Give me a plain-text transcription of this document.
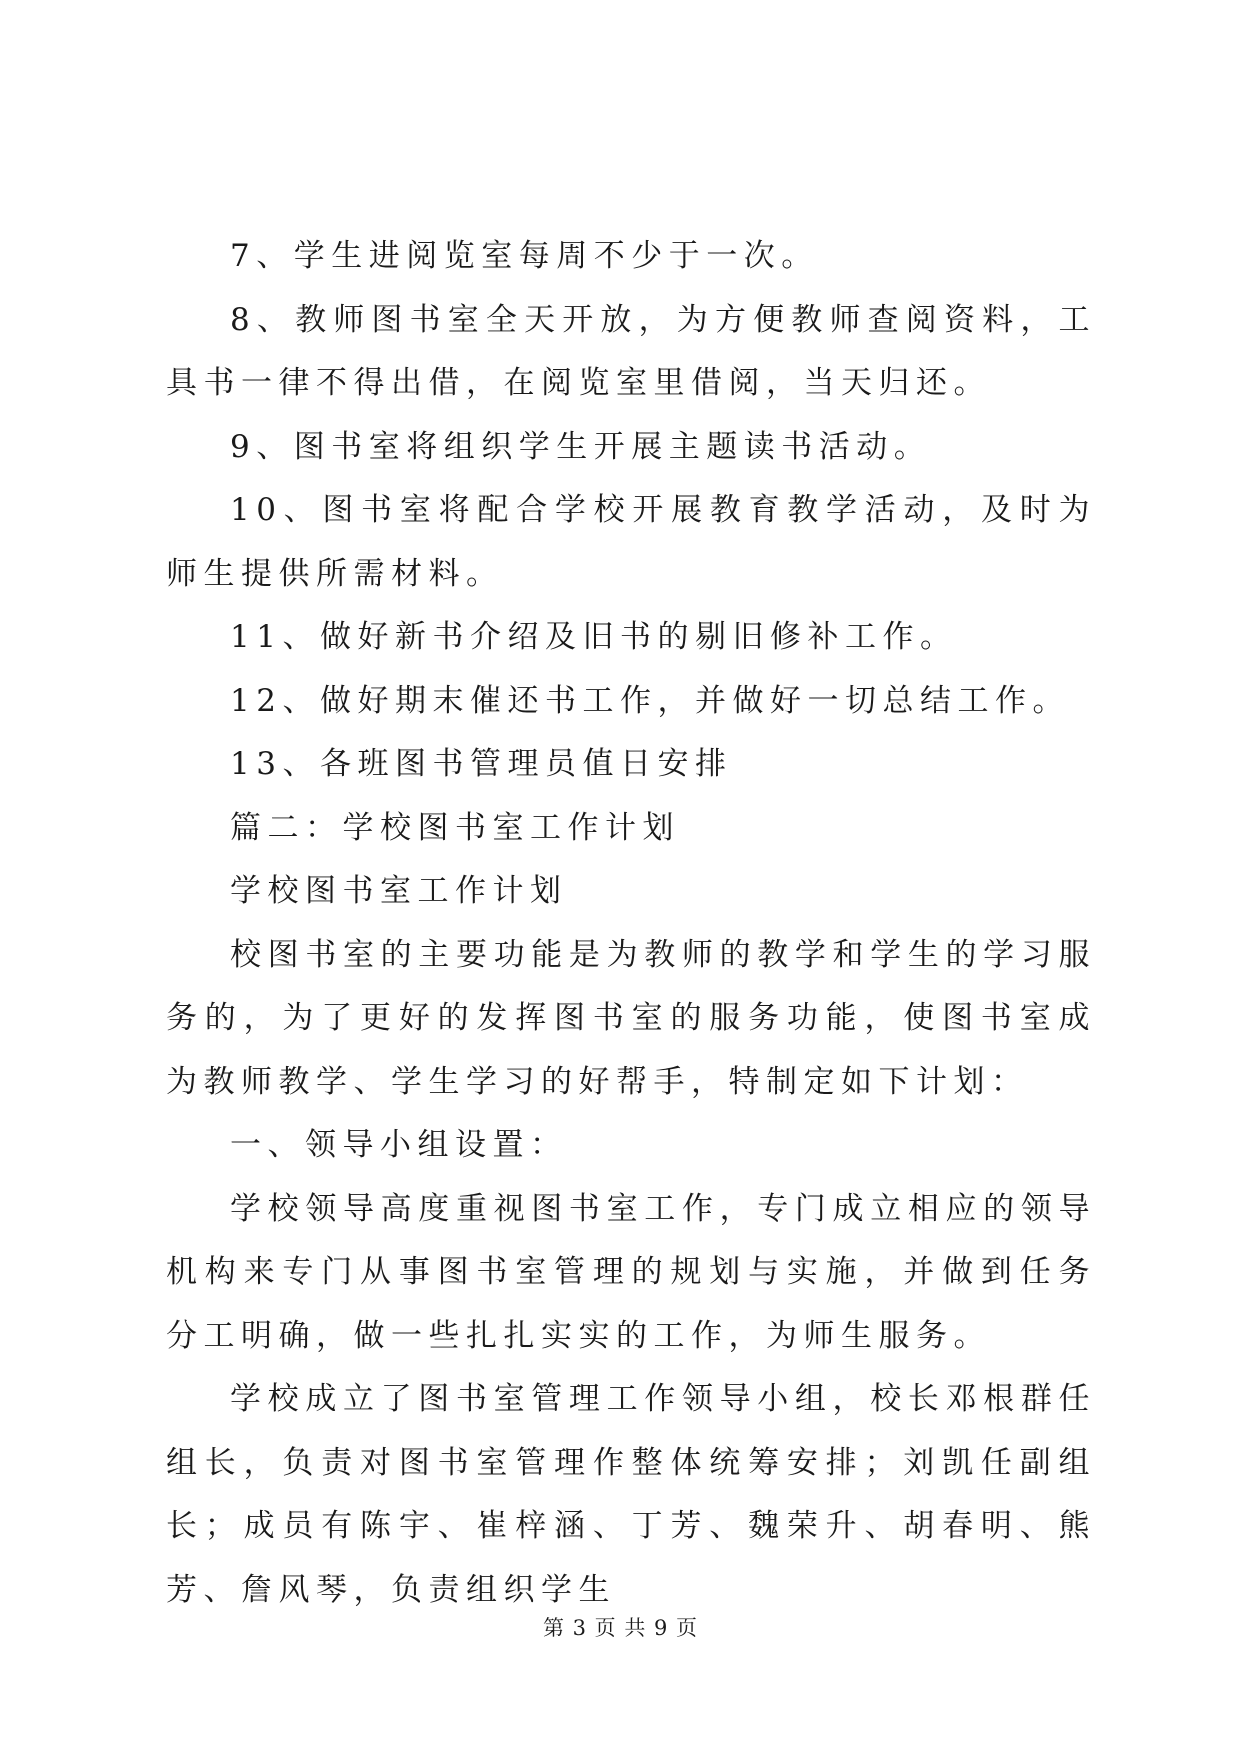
7、学生进阅览室每周不少于一次。

8、教师图书室全天开放，为方便教师查阅资料，工具书一律不得出借，在阅览室里借阅，当天归还。

9、图书室将组织学生开展主题读书活动。

10、图书室将配合学校开展教育教学活动，及时为师生提供所需材料。

11、做好新书介绍及旧书的剔旧修补工作。

12、做好期末催还书工作，并做好一切总结工作。

13、各班图书管理员值日安排

篇二：学校图书室工作计划

学校图书室工作计划

校图书室的主要功能是为教师的教学和学生的学习服务的，为了更好的发挥图书室的服务功能，使图书室成为教师教学、学生学习的好帮手，特制定如下计划：

一、领导小组设置：

学校领导高度重视图书室工作，专门成立相应的领导机构来专门从事图书室管理的规划与实施，并做到任务分工明确，做一些扎扎实实的工作，为师生服务。

学校成立了图书室管理工作领导小组，校长邓根群任组长，负责对图书室管理作整体统筹安排；刘凯任副组长；成员有陈宇、崔梓涵、丁芳、魏荣升、胡春明、熊芳、詹风琴，负责组织学生

第 3 页 共 9 页
